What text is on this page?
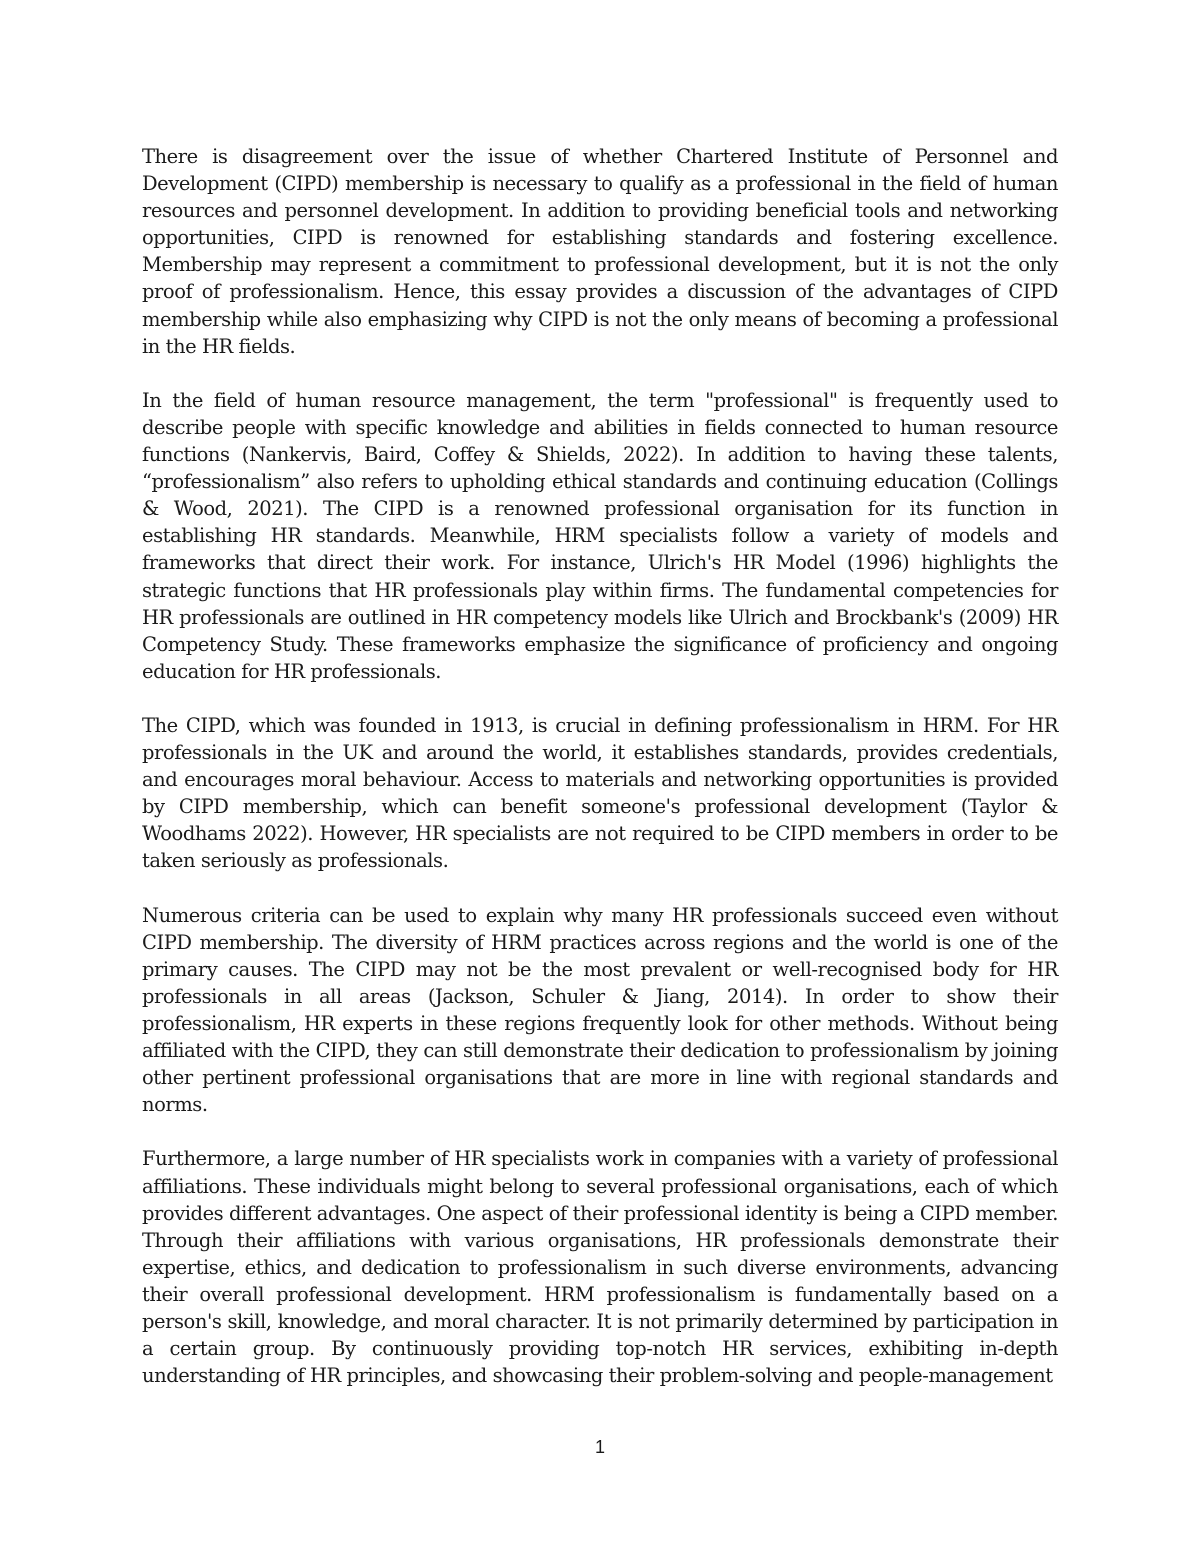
There is disagreement over the issue of whether Chartered Institute of Personnel and Development (CIPD) membership is necessary to qualify as a professional in the field of human resources and personnel development. In addition to providing beneficial tools and networking opportunities, CIPD is renowned for establishing standards and fostering excellence. Membership may represent a commitment to professional development, but it is not the only proof of professionalism. Hence, this essay provides a discussion of the advantages of CIPD membership while also emphasizing why CIPD is not the only means of becoming a professional in the HR fields.

In the field of human resource management, the term "professional" is frequently used to describe people with specific knowledge and abilities in fields connected to human resource functions (Nankervis, Baird, Coffey & Shields, 2022). In addition to having these talents, “professionalism” also refers to upholding ethical standards and continuing education (Collings & Wood, 2021). The CIPD is a renowned professional organisation for its function in establishing HR standards. Meanwhile, HRM specialists follow a variety of models and frameworks that direct their work. For instance, Ulrich's HR Model (1996) highlights the strategic functions that HR professionals play within firms. The fundamental competencies for HR professionals are outlined in HR competency models like Ulrich and Brockbank's (2009) HR Competency Study. These frameworks emphasize the significance of proficiency and ongoing education for HR professionals.

The CIPD, which was founded in 1913, is crucial in defining professionalism in HRM. For HR professionals in the UK and around the world, it establishes standards, provides credentials, and encourages moral behaviour. Access to materials and networking opportunities is provided by CIPD membership, which can benefit someone's professional development (Taylor & Woodhams 2022). However, HR specialists are not required to be CIPD members in order to be taken seriously as professionals.

Numerous criteria can be used to explain why many HR professionals succeed even without CIPD membership. The diversity of HRM practices across regions and the world is one of the primary causes. The CIPD may not be the most prevalent or well-recognised body for HR professionals in all areas (Jackson, Schuler & Jiang, 2014). In order to show their professionalism, HR experts in these regions frequently look for other methods. Without being affiliated with the CIPD, they can still demonstrate their dedication to professionalism by joining other pertinent professional organisations that are more in line with regional standards and norms.

Furthermore, a large number of HR specialists work in companies with a variety of professional affiliations. These individuals might belong to several professional organisations, each of which provides different advantages. One aspect of their professional identity is being a CIPD member. Through their affiliations with various organisations, HR professionals demonstrate their expertise, ethics, and dedication to professionalism in such diverse environments, advancing their overall professional development. HRM professionalism is fundamentally based on a person's skill, knowledge, and moral character. It is not primarily determined by participation in a certain group. By continuously providing top-notch HR services, exhibiting in-depth understanding of HR principles, and showcasing their problem-solving and people-management

1
